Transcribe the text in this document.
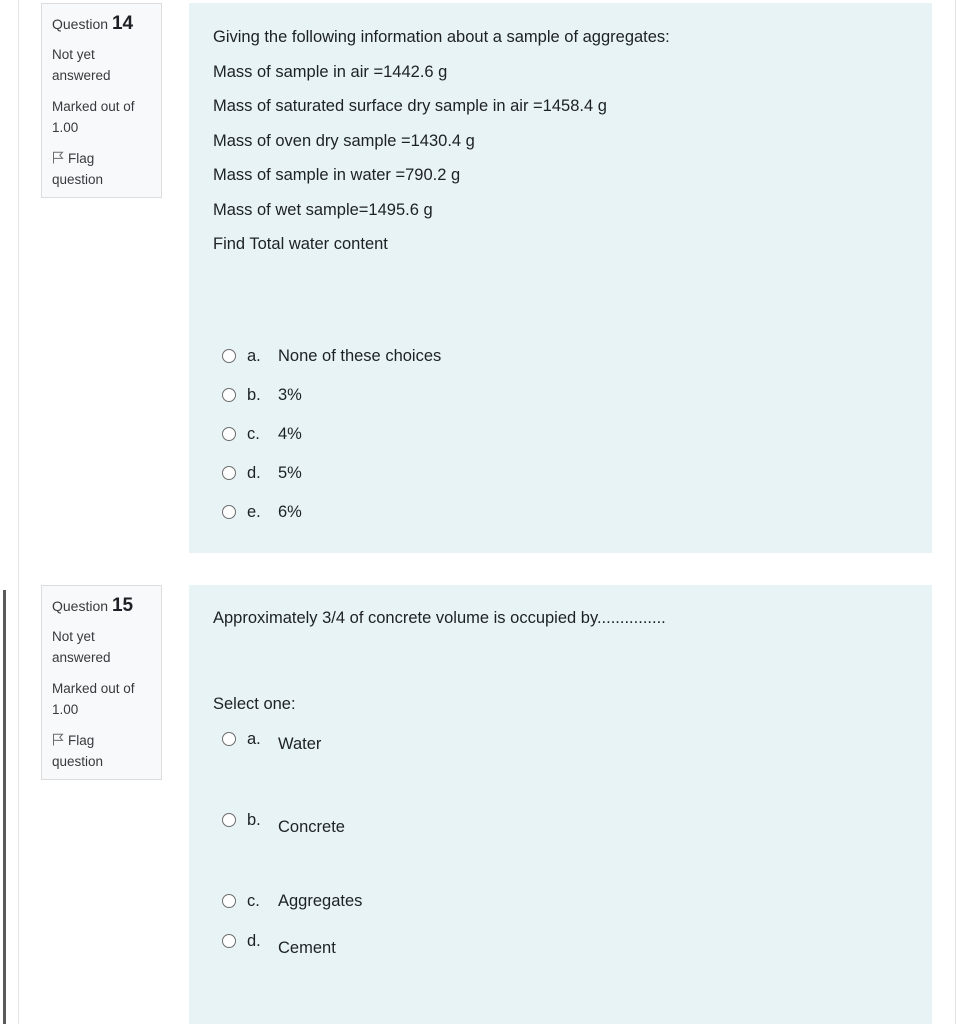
Question 14
Not yet
answered
Marked out of
1.00
Flag
question
Giving the following information about a sample of aggregates:
Mass of sample in air =1442.6 g
Mass of saturated surface dry sample in air =1458.4 g
Mass of oven dry sample =1430.4 g
Mass of sample in water =790.2 g
Mass of wet sample=1495.6 g
Find Total water content
a. None of these choices
b. 3%
c. 4%
d. 5%
e. 6%
Question 15
Not yet
answered
Marked out of
1.00
Flag
question
Approximately 3/4 of concrete volume is occupied by...............
Select one:
a. Water
b. Concrete
c. Aggregates
d. Cement
